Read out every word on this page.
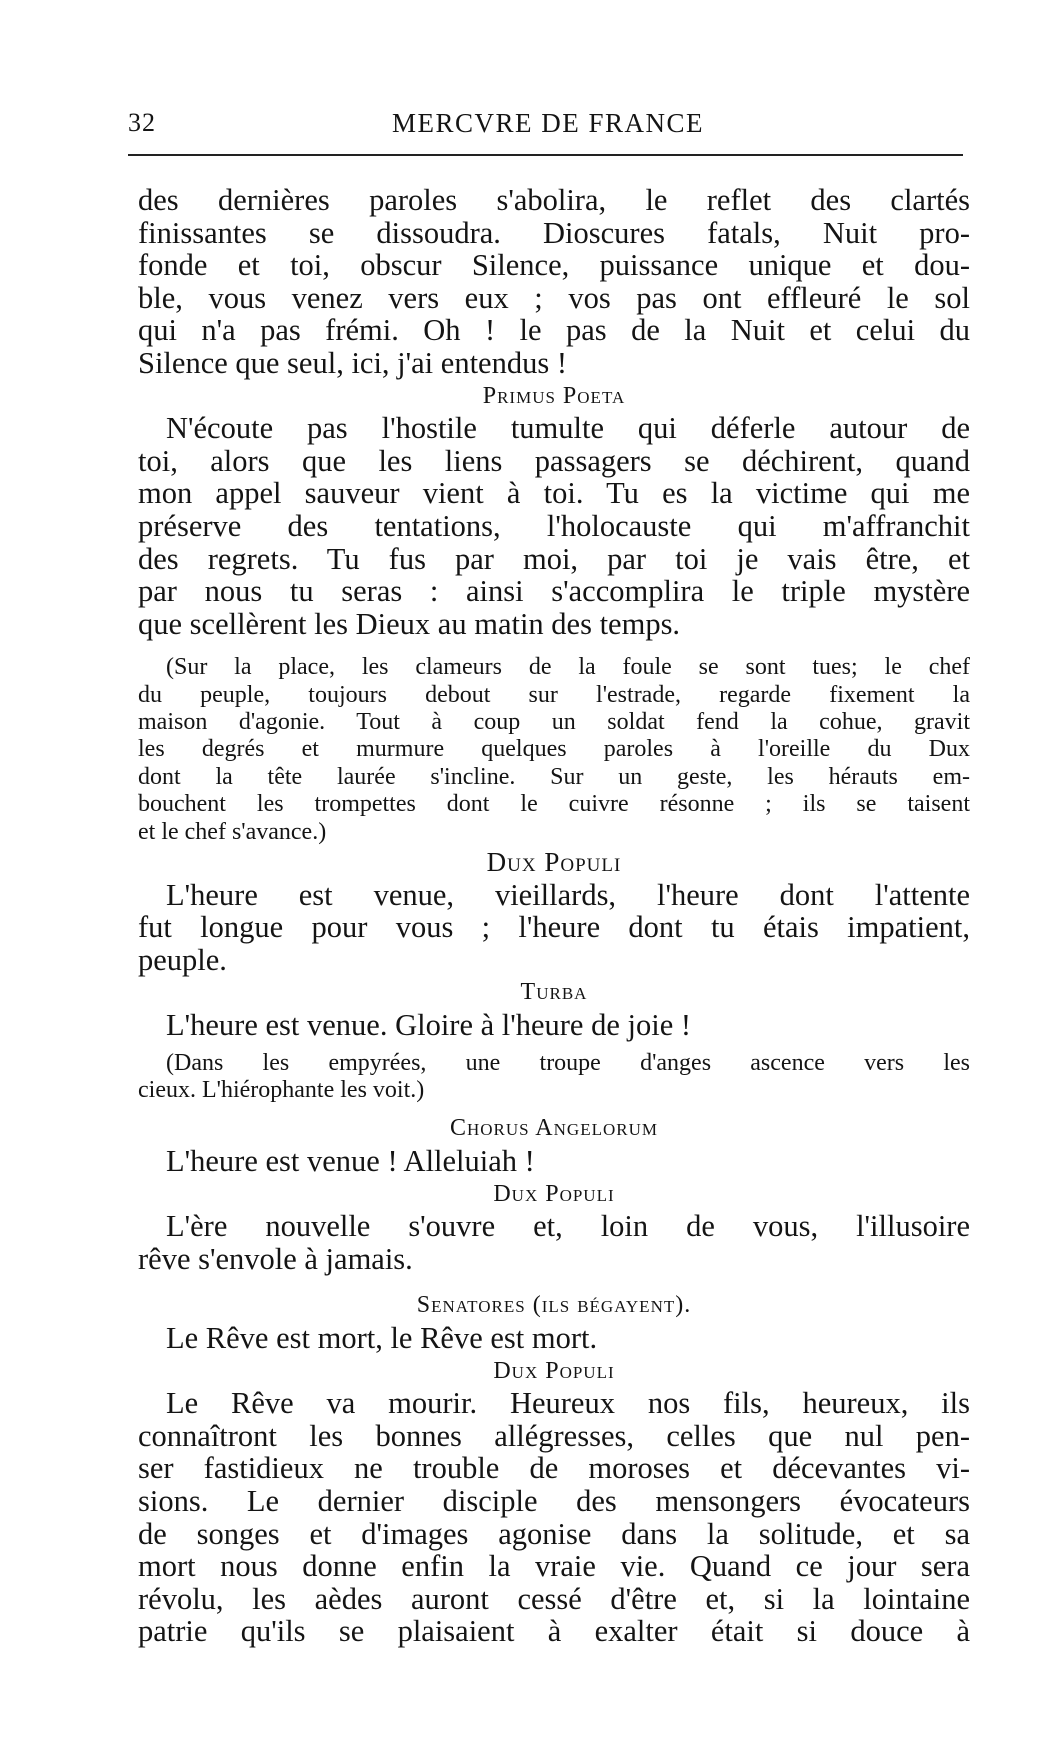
32	MERCVRE DE FRANCE
des dernières paroles s'abolira, le reflet des clartés
finissantes se dissoudra. Dioscures fatals, Nuit pro-
fonde et toi, obscur Silence, puissance unique et dou-
ble, vous venez vers eux ; vos pas ont effleuré le sol
qui n'a pas frémi. Oh ! le pas de la Nuit et celui du
Silence que seul, ici, j'ai entendus !
Primus Poeta
N'écoute pas l'hostile tumulte qui déferle autour de
toi, alors que les liens passagers se déchirent, quand
mon appel sauveur vient à toi. Tu es la victime qui me
préserve des tentations, l'holocauste qui m'affranchit
des regrets. Tu fus par moi, par toi je vais être, et
par nous tu seras : ainsi s'accomplira le triple mystère
que scellèrent les Dieux au matin des temps.
(Sur la place, les clameurs de la foule se sont tues; le chef
du peuple, toujours debout sur l'estrade, regarde fixement la
maison d'agonie. Tout à coup un soldat fend la cohue, gravit
les degrés et murmure quelques paroles à l'oreille du Dux
dont la tête laurée s'incline. Sur un geste, les hérauts em-
bouchent les trompettes dont le cuivre résonne ; ils se taisent
et le chef s'avance.)
Dux Populi
L'heure est venue, vieillards, l'heure dont l'attente
fut longue pour vous ; l'heure dont tu étais impatient,
peuple.
Turba
L'heure est venue. Gloire à l'heure de joie !
(Dans les empyrées, une troupe d'anges ascence vers les
cieux. L'hiérophante les voit.)
Chorus Angelorum
L'heure est venue ! Alleluiah !
Dux Populi
L'ère nouvelle s'ouvre et, loin de vous, l'illusoire
rêve s'envole à jamais.
Senatores (ils bégayent).
Le Rêve est mort, le Rêve est mort.
Dux Populi
Le Rêve va mourir. Heureux nos fils, heureux, ils
connaîtront les bonnes allégresses, celles que nul pen-
ser fastidieux ne trouble de moroses et décevantes vi-
sions. Le dernier disciple des mensongers évocateurs
de songes et d'images agonise dans la solitude, et sa
mort nous donne enfin la vraie vie. Quand ce jour sera
révolu, les aèdes auront cessé d'être et, si la lointaine
patrie qu'ils se plaisaient à exalter était si douce à
